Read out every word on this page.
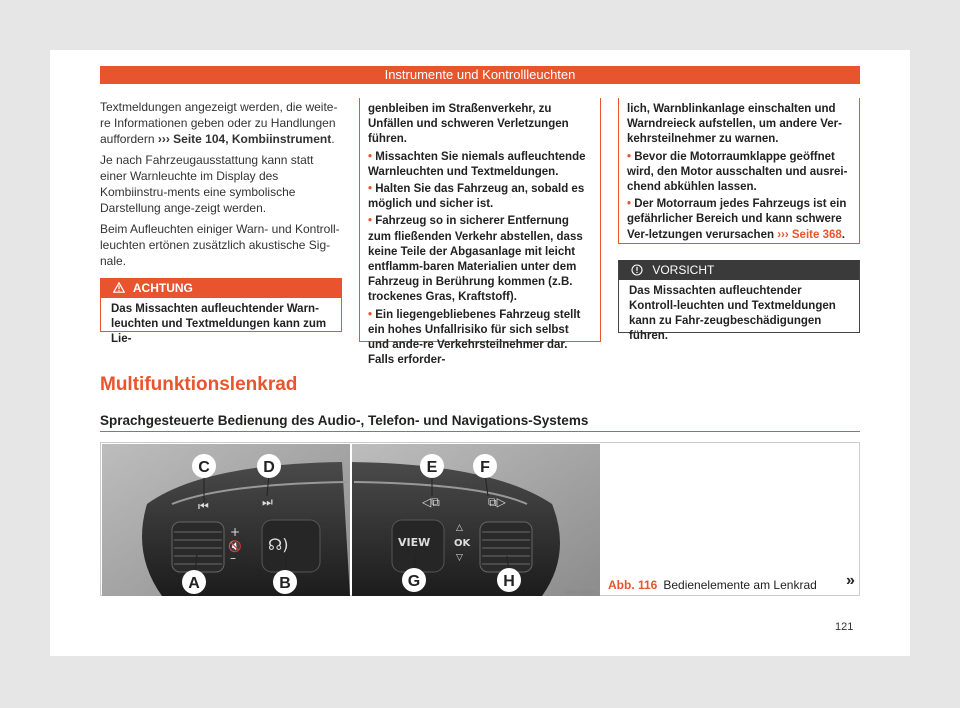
Instrumente und Kontrollleuchten

Textmeldungen angezeigt werden, die weite-re Informationen geben oder zu Handlungen auffordern ››› Seite 104, Kombiinstrument.

Je nach Fahrzeugausstattung kann statt einer Warnleuchte im Display des Kombiinstru-ments eine symbolische Darstellung ange-zeigt werden.

Beim Aufleuchten einiger Warn- und Kontroll-leuchten ertönen zusätzlich akustische Sig-nale.

ACHTUNG
Das Missachten aufleuchtender Warn-leuchten und Textmeldungen kann zum Lie-
genbleiben im Straßenverkehr, zu Unfällen und schweren Verletzungen führen.
• Missachten Sie niemals aufleuchtende Warnleuchten und Textmeldungen.
• Halten Sie das Fahrzeug an, sobald es möglich und sicher ist.
• Fahrzeug so in sicherer Entfernung zum fließenden Verkehr abstellen, dass keine Teile der Abgasanlage mit leicht entflamm-baren Materialien unter dem Fahrzeug in Berührung kommen (z.B. trockenes Gras, Kraftstoff).
• Ein liegengebliebenes Fahrzeug stellt ein hohes Unfallrisiko für sich selbst und ande-re Verkehrsteilnehmer dar. Falls erforder-
lich, Warnblinkanlage einschalten und Warndreieck aufstellen, um andere Ver-kehrsteilnehmer zu warnen.
• Bevor die Motorraumklappe geöffnet wird, den Motor ausschalten und ausrei-chend abkühlen lassen.
• Der Motorraum jedes Fahrzeugs ist ein gefährlicher Bereich und kann schwere Ver-letzungen verursachen ››› Seite 368.
VORSICHT
Das Missachten aufleuchtender Kontroll-leuchten und Textmeldungen kann zu Fahr-zeugbeschädigungen führen.
Multifunktionslenkrad
Sprachgesteuerte Bedienung des Audio-, Telefon- und Navigations-Systems
+
–
🔇 ☊)
⏮	⏭
VIEW OK
△
▽
◁⧉	⧉▷
C	D
A	B
E	F
G	H
B6F-0089
Abb. 116 Bedienelemente am Lenkrad »
121
